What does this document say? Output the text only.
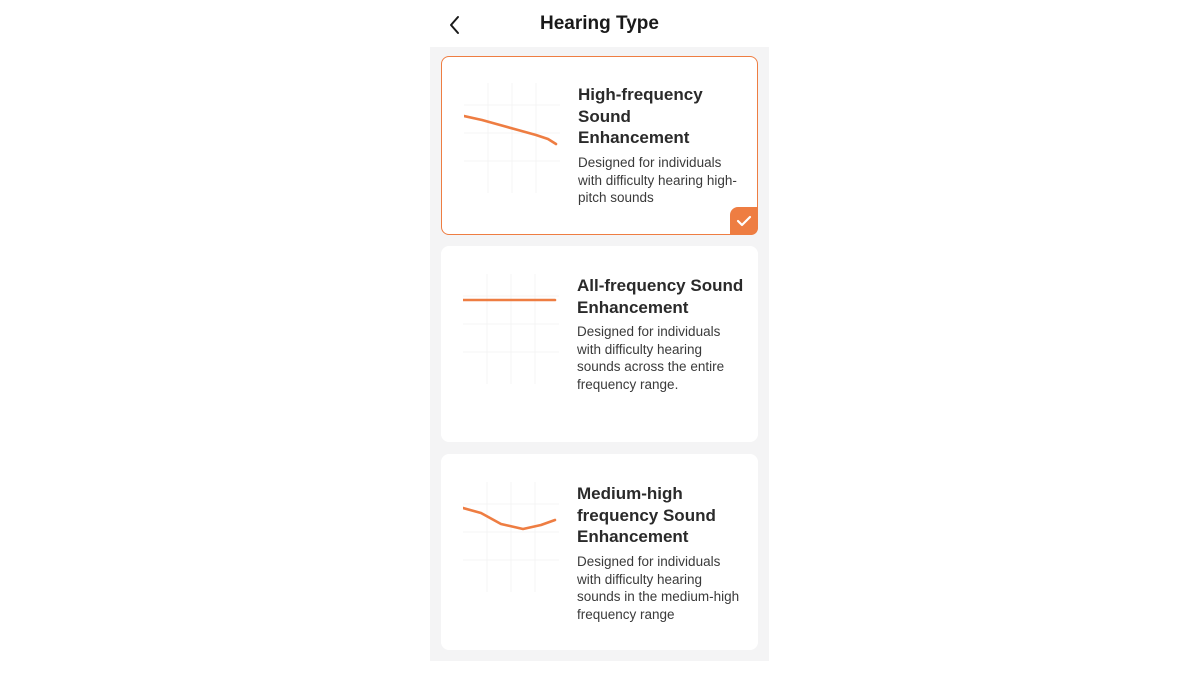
Hearing Type
High-frequency Sound Enhancement
Designed for individuals with difficulty hearing high-pitch sounds
All-frequency Sound Enhancement
Designed for individuals with difficulty hearing sounds across the entire frequency range.
Medium-high frequency Sound Enhancement
Designed for individuals with difficulty hearing sounds in the medium-high frequency range
